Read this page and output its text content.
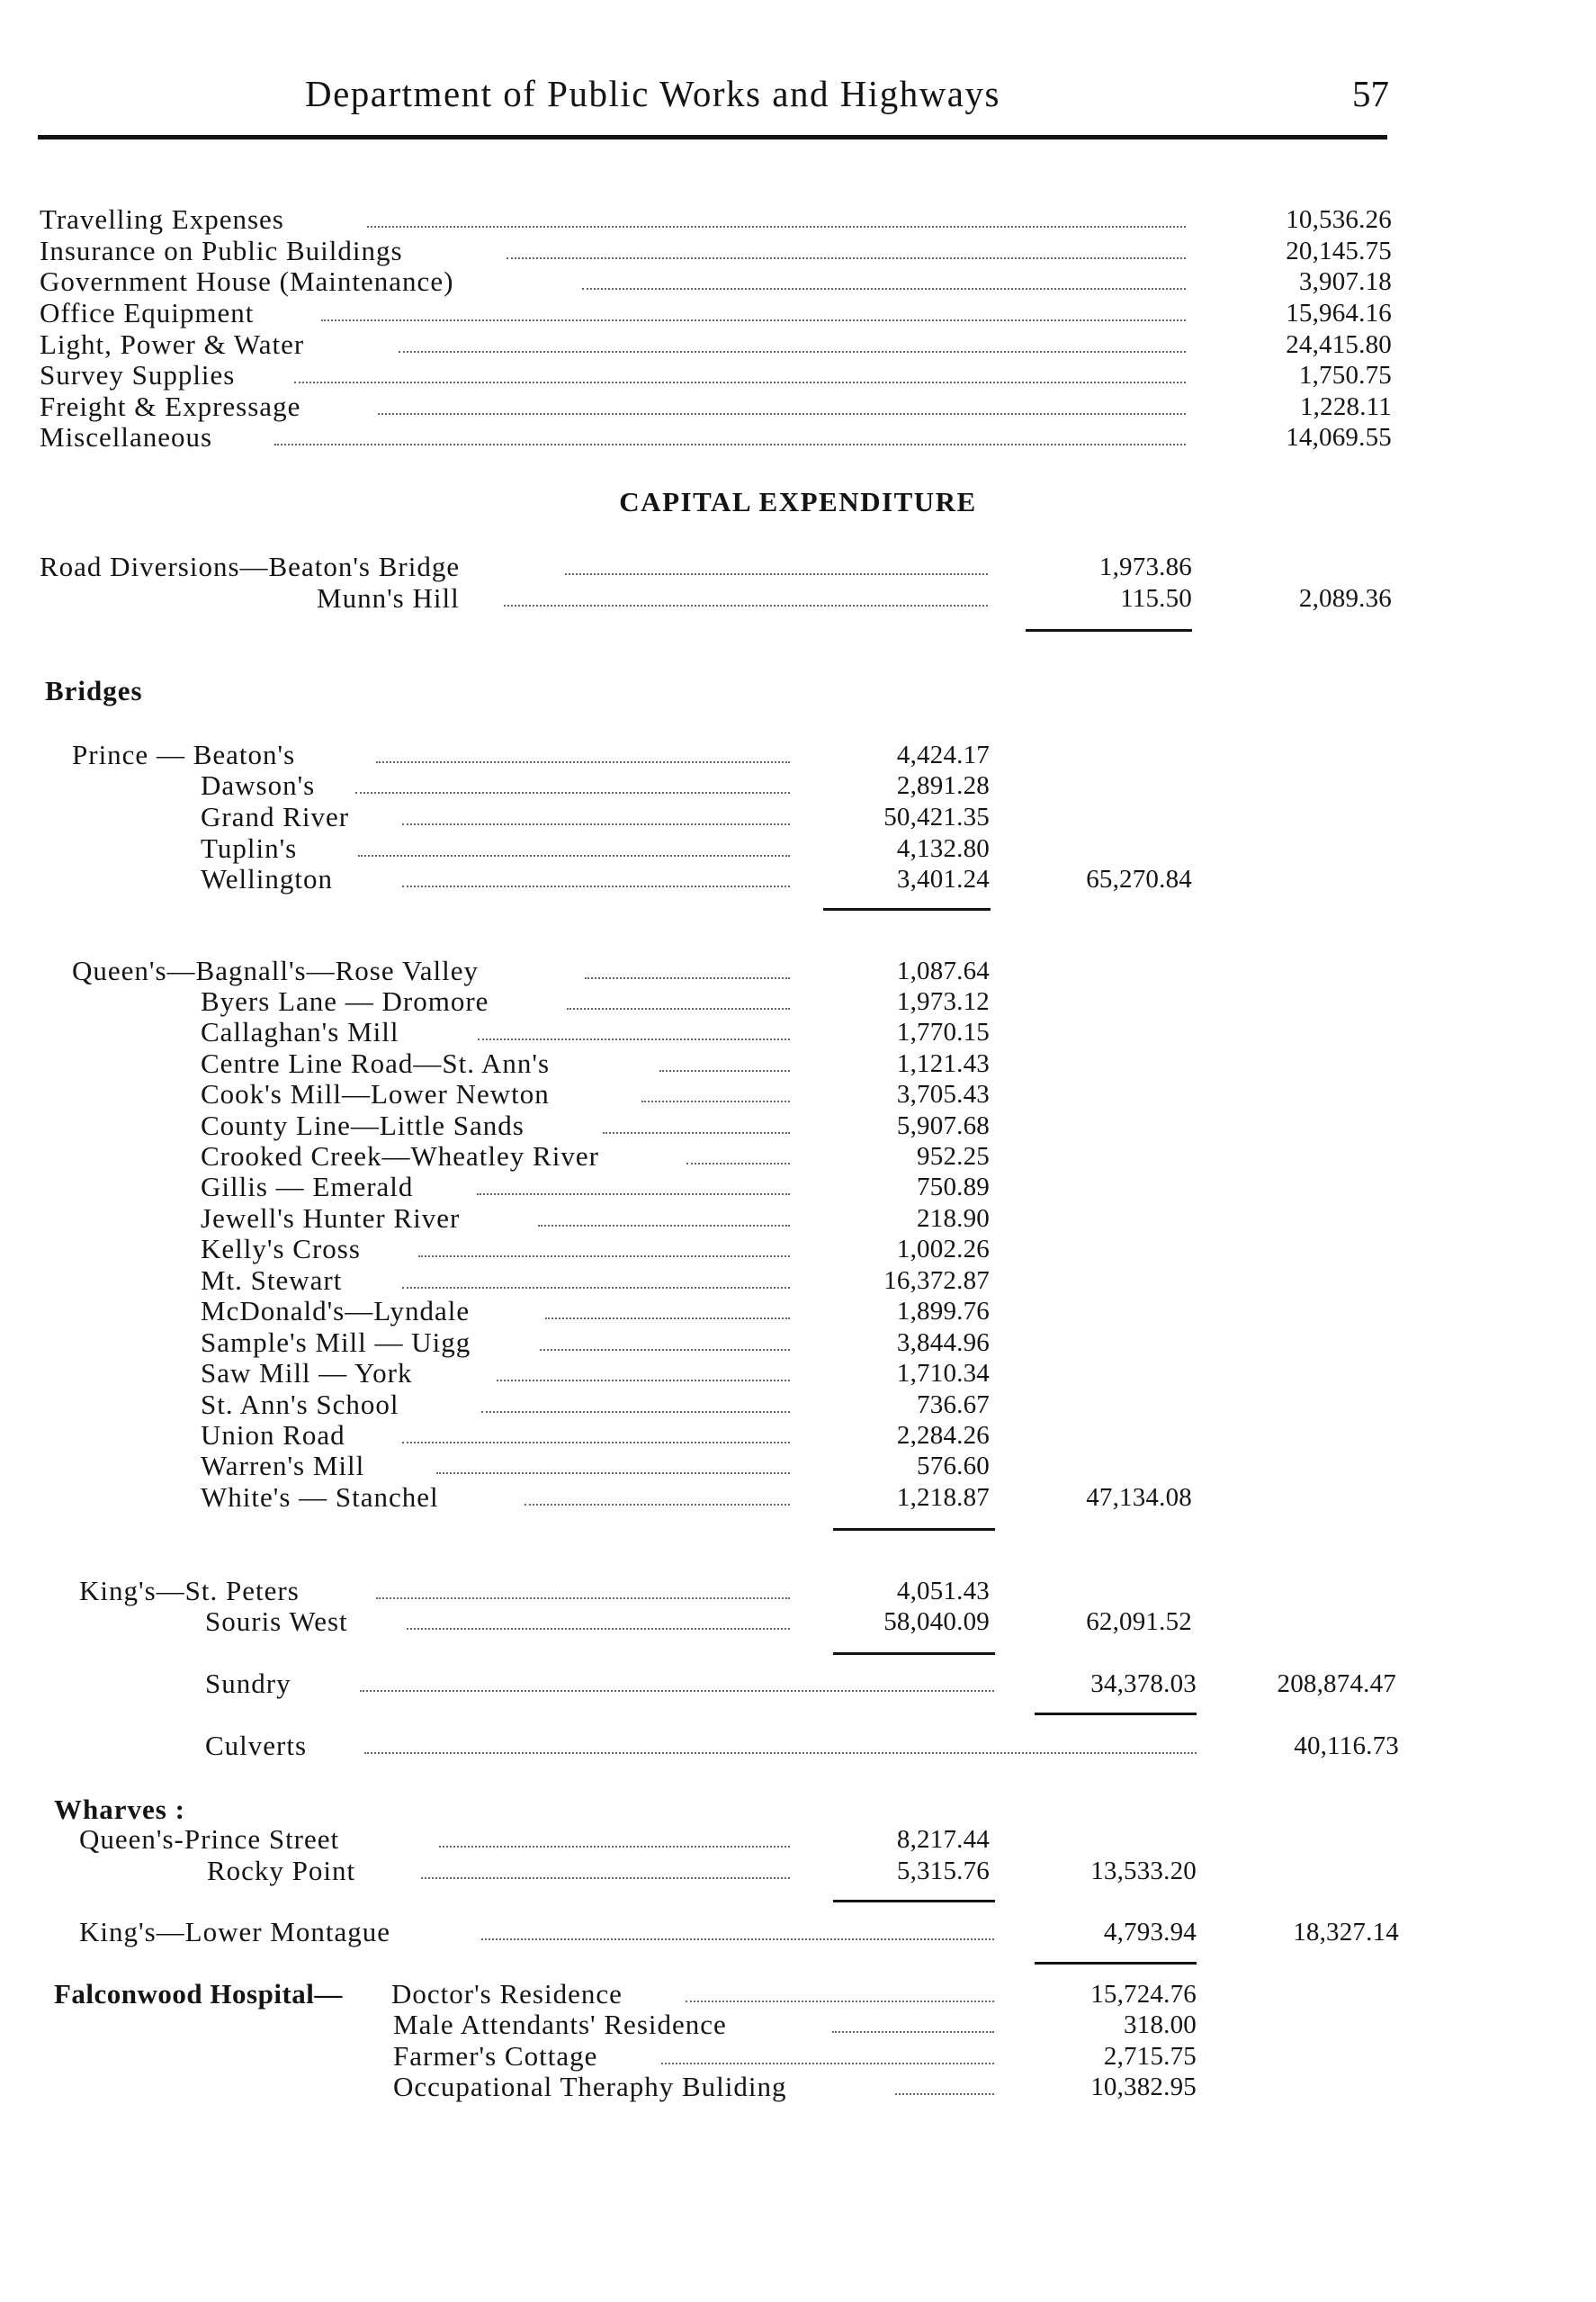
Department of Public Works and Highways	57
Travelling Expenses	10,536.26
Insurance on Public Buildings	20,145.75
Government House (Maintenance)	3,907.18
Office Equipment	15,964.16
Light, Power & Water	24,415.80
Survey Supplies	1,750.75
Freight & Expressage	1,228.11
Miscellaneous	14,069.55
CAPITAL EXPENDITURE
Road Diversions—Beaton's Bridge	1,973.86
Munn's Hill	115.50	2,089.36
Bridges
Prince — Beaton's	4,424.17
Dawson's	2,891.28
Grand River	50,421.35
Tuplin's	4,132.80
Wellington	3,401.24	65,270.84
Queen's—Bagnall's—Rose Valley	1,087.64
Byers Lane — Dromore	1,973.12
Callaghan's Mill	1,770.15
Centre Line Road—St. Ann's	1,121.43
Cook's Mill—Lower Newton	3,705.43
County Line—Little Sands	5,907.68
Crooked Creek—Wheatley River	952.25
Gillis — Emerald	750.89
Jewell's Hunter River	218.90
Kelly's Cross	1,002.26
Mt. Stewart	16,372.87
McDonald's—Lyndale	1,899.76
Sample's Mill — Uigg	3,844.96
Saw Mill — York	1,710.34
St. Ann's School	736.67
Union Road	2,284.26
Warren's Mill	576.60
White's — Stanchel	1,218.87	47,134.08
King's—St. Peters	4,051.43
Souris West	58,040.09	62,091.52
Sundry	34,378.03	208,874.47
Culverts	40,116.73
Wharves :
Queen's-Prince Street	8,217.44
Rocky Point	5,315.76	13,533.20
King's—Lower Montague	4,793.94	18,327.14
Falconwood Hospital— Doctor's Residence	15,724.76
Male Attendants' Residence	318.00
Farmer's Cottage	2,715.75
Occupational Theraphy Buliding	10,382.95
